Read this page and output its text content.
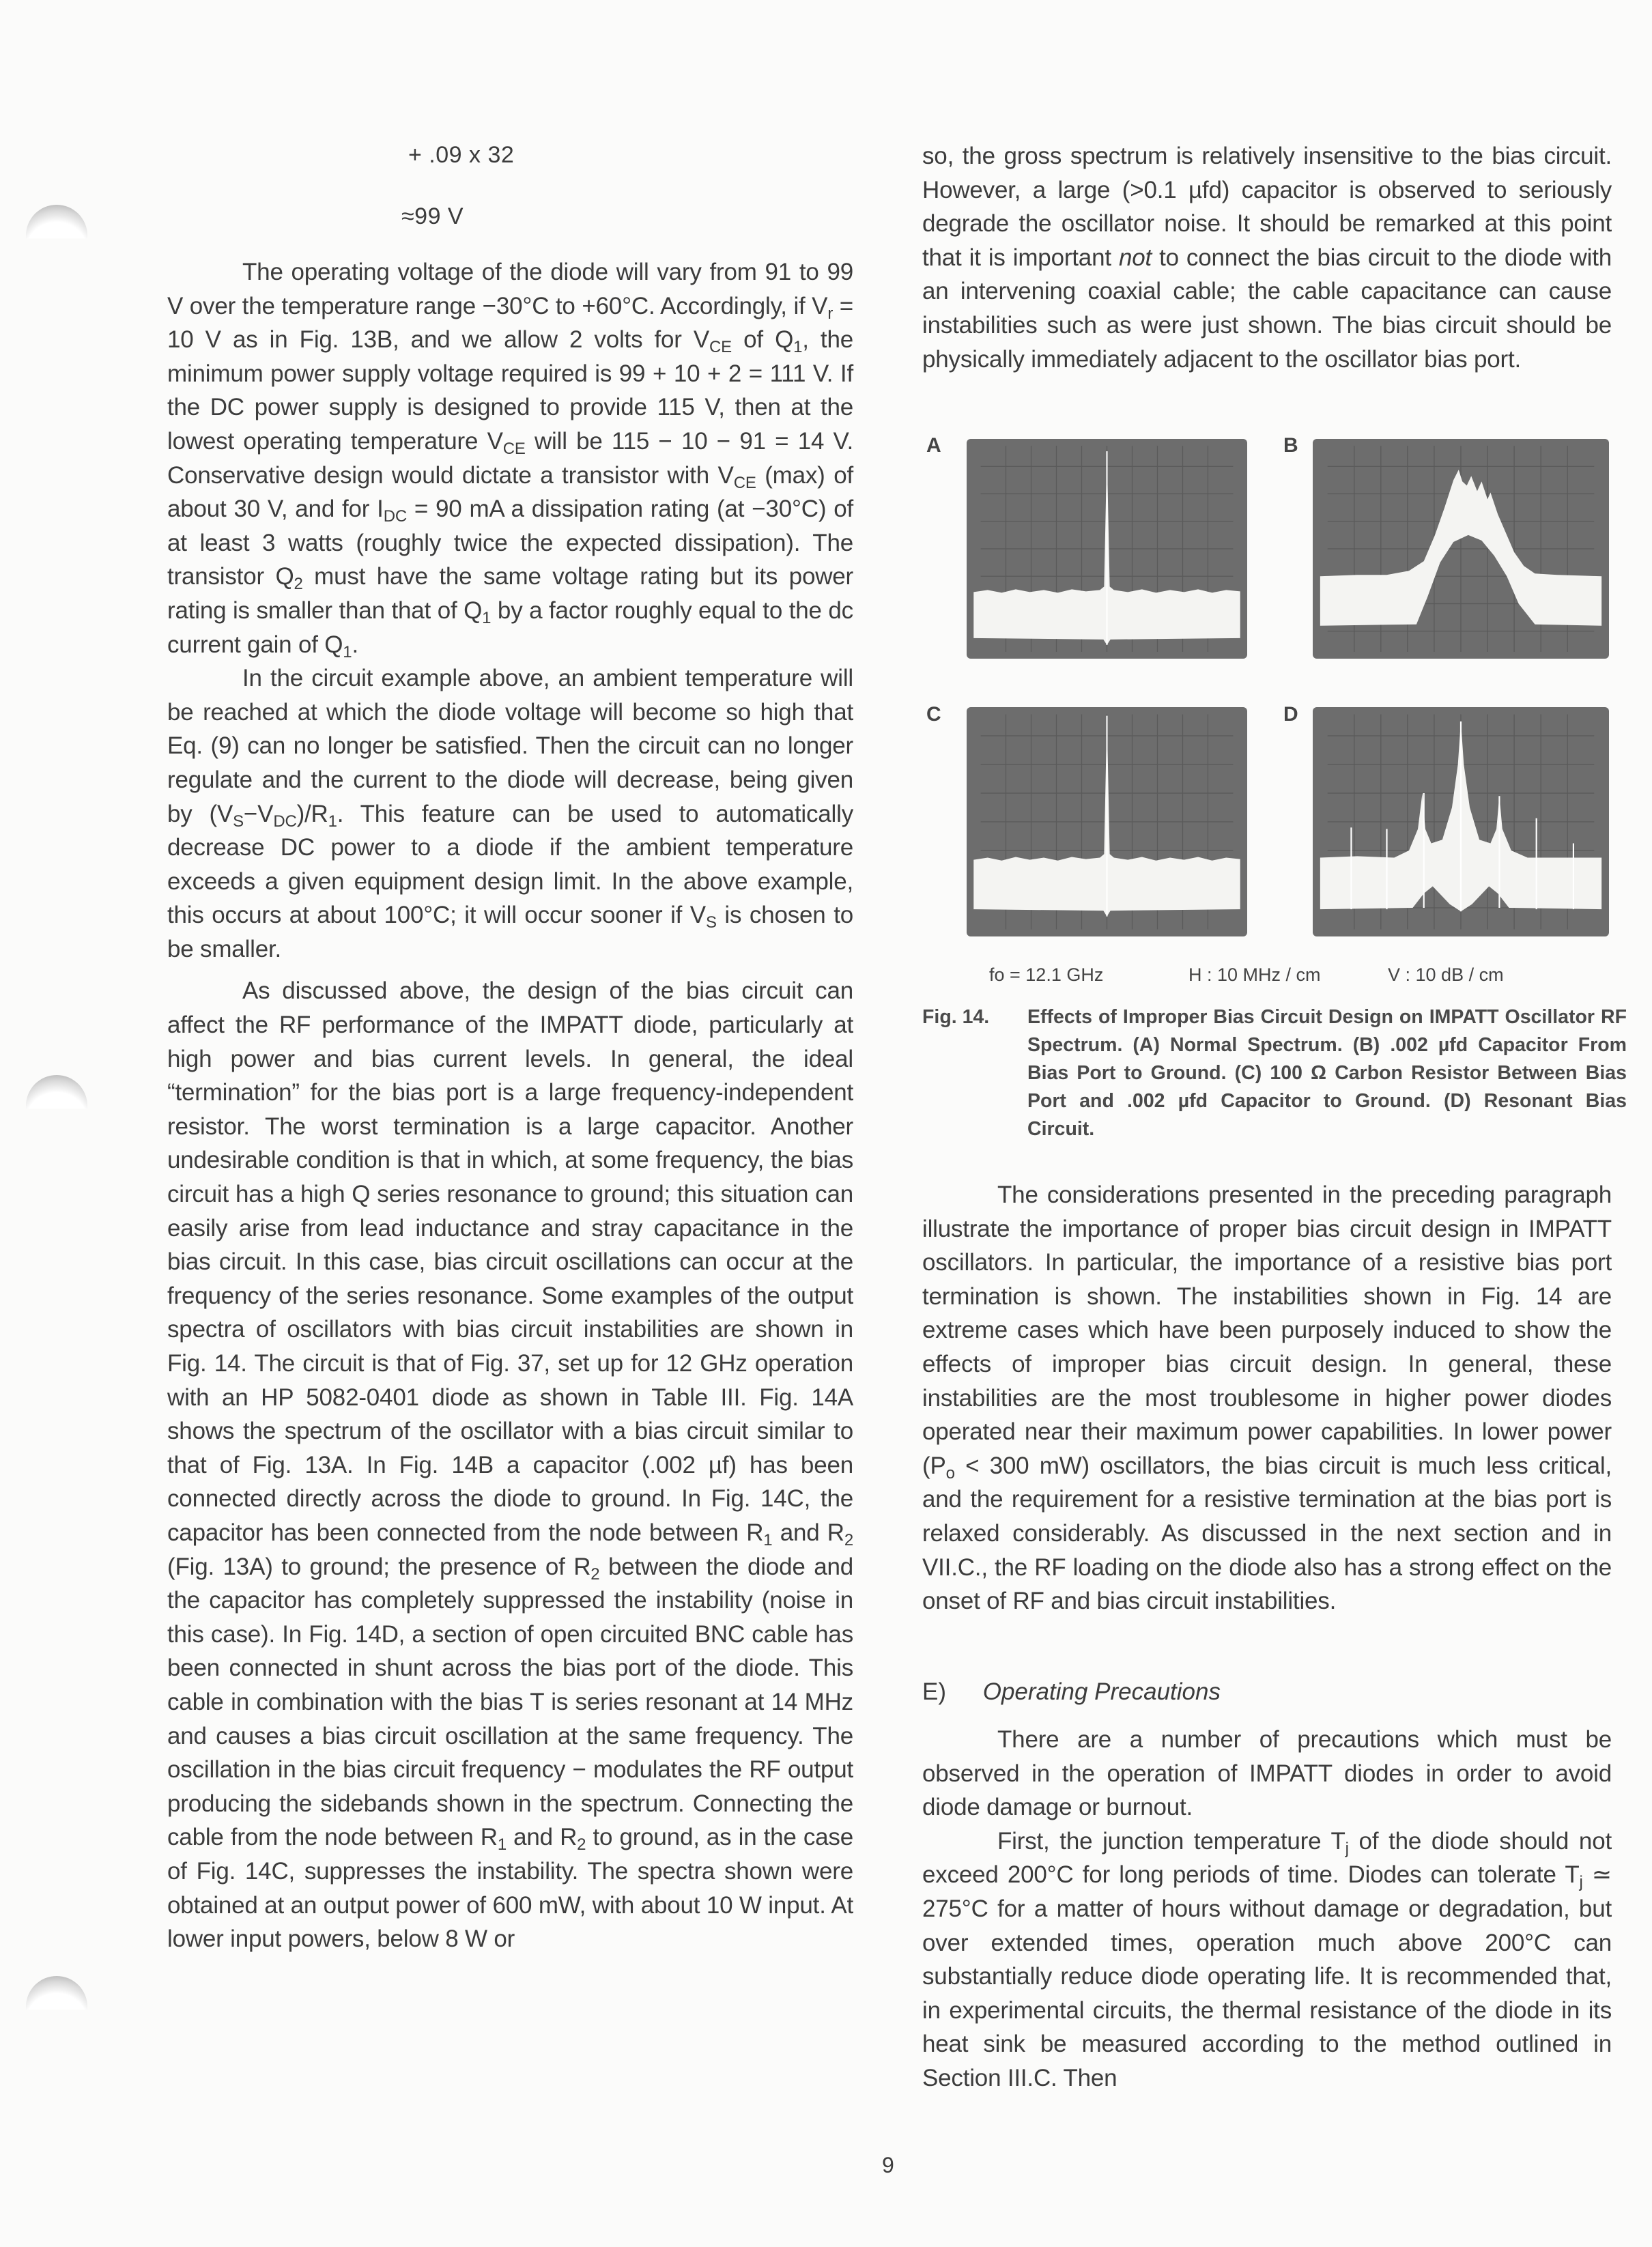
+ .09 x 32
≈99 V

The operating voltage of the diode will vary from 91 to 99 V over the temperature range −30°C to +60°C. Accordingly, if $V_r = 10$ V as in Fig. 13B, and we allow 2 volts for $V_{CE}$ of $Q_1$, the minimum power supply voltage required is 99 + 10 + 2 = 111 V. If the DC power supply is designed to provide 115 V, then at the lowest operating temperature $V_{CE}$ will be 115 − 10 − 91 = 14 V. Conservative design would dictate a transistor with $V_{CE}$ (max) of about 30 V, and for $I_{DC} = 90$ mA a dissipation rating (at −30°C) of at least 3 watts (roughly twice the expected dissipation). The transistor $Q_2$ must have the same voltage rating but its power rating is smaller than that of $Q_1$ by a factor roughly equal to the dc current gain of $Q_1$.

In the circuit example above, an ambient temperature will be reached at which the diode voltage will become so high that Eq. (9) can no longer be satisfied. Then the circuit can no longer regulate and the current to the diode will decrease, being given by $(V_S-V_{DC})/R_1$. This feature can be used to automatically decrease DC power to a diode if the ambient temperature exceeds a given equipment design limit. In the above example, this occurs at about 100°C; it will occur sooner if $V_S$ is chosen to be smaller.

As discussed above, the design of the bias circuit can affect the RF performance of the IMPATT diode, particularly at high power and bias current levels. In general, the ideal “termination” for the bias port is a large frequency-independent resistor. The worst termination is a large capacitor. Another undesirable condition is that in which, at some frequency, the bias circuit has a high Q series resonance to ground; this situation can easily arise from lead inductance and stray capacitance in the bias circuit. In this case, bias circuit oscillations can occur at the frequency of the series resonance. Some examples of the output spectra of oscillators with bias circuit instabilities are shown in Fig. 14. The circuit is that of Fig. 37, set up for 12 GHz operation with an HP 5082-0401 diode as shown in Table III. Fig. 14A shows the spectrum of the oscillator with a bias circuit similar to that of Fig. 13A. In Fig. 14B a capacitor (.002 µf) has been connected directly across the diode to ground. In Fig. 14C, the capacitor has been connected from the node between $R_1$ and $R_2$ (Fig. 13A) to ground; the presence of $R_2$ between the diode and the capacitor has completely suppressed the instability (noise in this case). In Fig. 14D, a section of open circuited BNC cable has been connected in shunt across the bias port of the diode. This cable in combination with the bias T is series resonant at 14 MHz and causes a bias circuit oscillation at the same frequency. The oscillation in the bias circuit frequency − modulates the RF output producing the sidebands shown in the spectrum. Connecting the cable from the node between $R_1$ and $R_2$ to ground, as in the case of Fig. 14C, suppresses the instability. The spectra shown were obtained at an output power of 600 mW, with about 10 W input. At lower input powers, below 8 W or

so, the gross spectrum is relatively insensitive to the bias circuit. However, a large (>0.1 µfd) capacitor is observed to seriously degrade the oscillator noise. It should be remarked at this point that it is important not to connect the bias circuit to the diode with an intervening coaxial cable; the cable capacitance can cause instabilities such as were just shown. The bias circuit should be physically immediately adjacent to the oscillator bias port.

A	B
C	D
fo = 12.1 GHz	H : 10 MHz / cm	V : 10 dB / cm
Fig. 14. Effects of Improper Bias Circuit Design on IMPATT Oscillator RF Spectrum. (A) Normal Spectrum. (B) .002 µfd Capacitor From Bias Port to Ground. (C) 100 Ω Carbon Resistor Between Bias Port and .002 µfd Capacitor to Ground. (D) Resonant Bias Circuit.

The considerations presented in the preceding paragraph illustrate the importance of proper bias circuit design in IMPATT oscillators. In particular, the importance of a resistive bias port termination is shown. The instabilities shown in Fig. 14 are extreme cases which have been purposely induced to show the effects of improper bias circuit design. In general, these instabilities are the most troublesome in higher power diodes operated near their maximum power capabilities. In lower power ($P_o < 300$ mW) oscillators, the bias circuit is much less critical, and the requirement for a resistive termination at the bias port is relaxed considerably. As discussed in the next section and in VII.C., the RF loading on the diode also has a strong effect on the onset of RF and bias circuit instabilities.

E) Operating Precautions

There are a number of precautions which must be observed in the operation of IMPATT diodes in order to avoid diode damage or burnout.

First, the junction temperature $T_j$ of the diode should not exceed 200°C for long periods of time. Diodes can tolerate $T_j$ ≃ 275°C for a matter of hours without damage or degradation, but over extended times, operation much above 200°C can substantially reduce diode operating life. It is recommended that, in experimental circuits, the thermal resistance of the diode in its heat sink be measured according to the method outlined in Section III.C. Then

9
